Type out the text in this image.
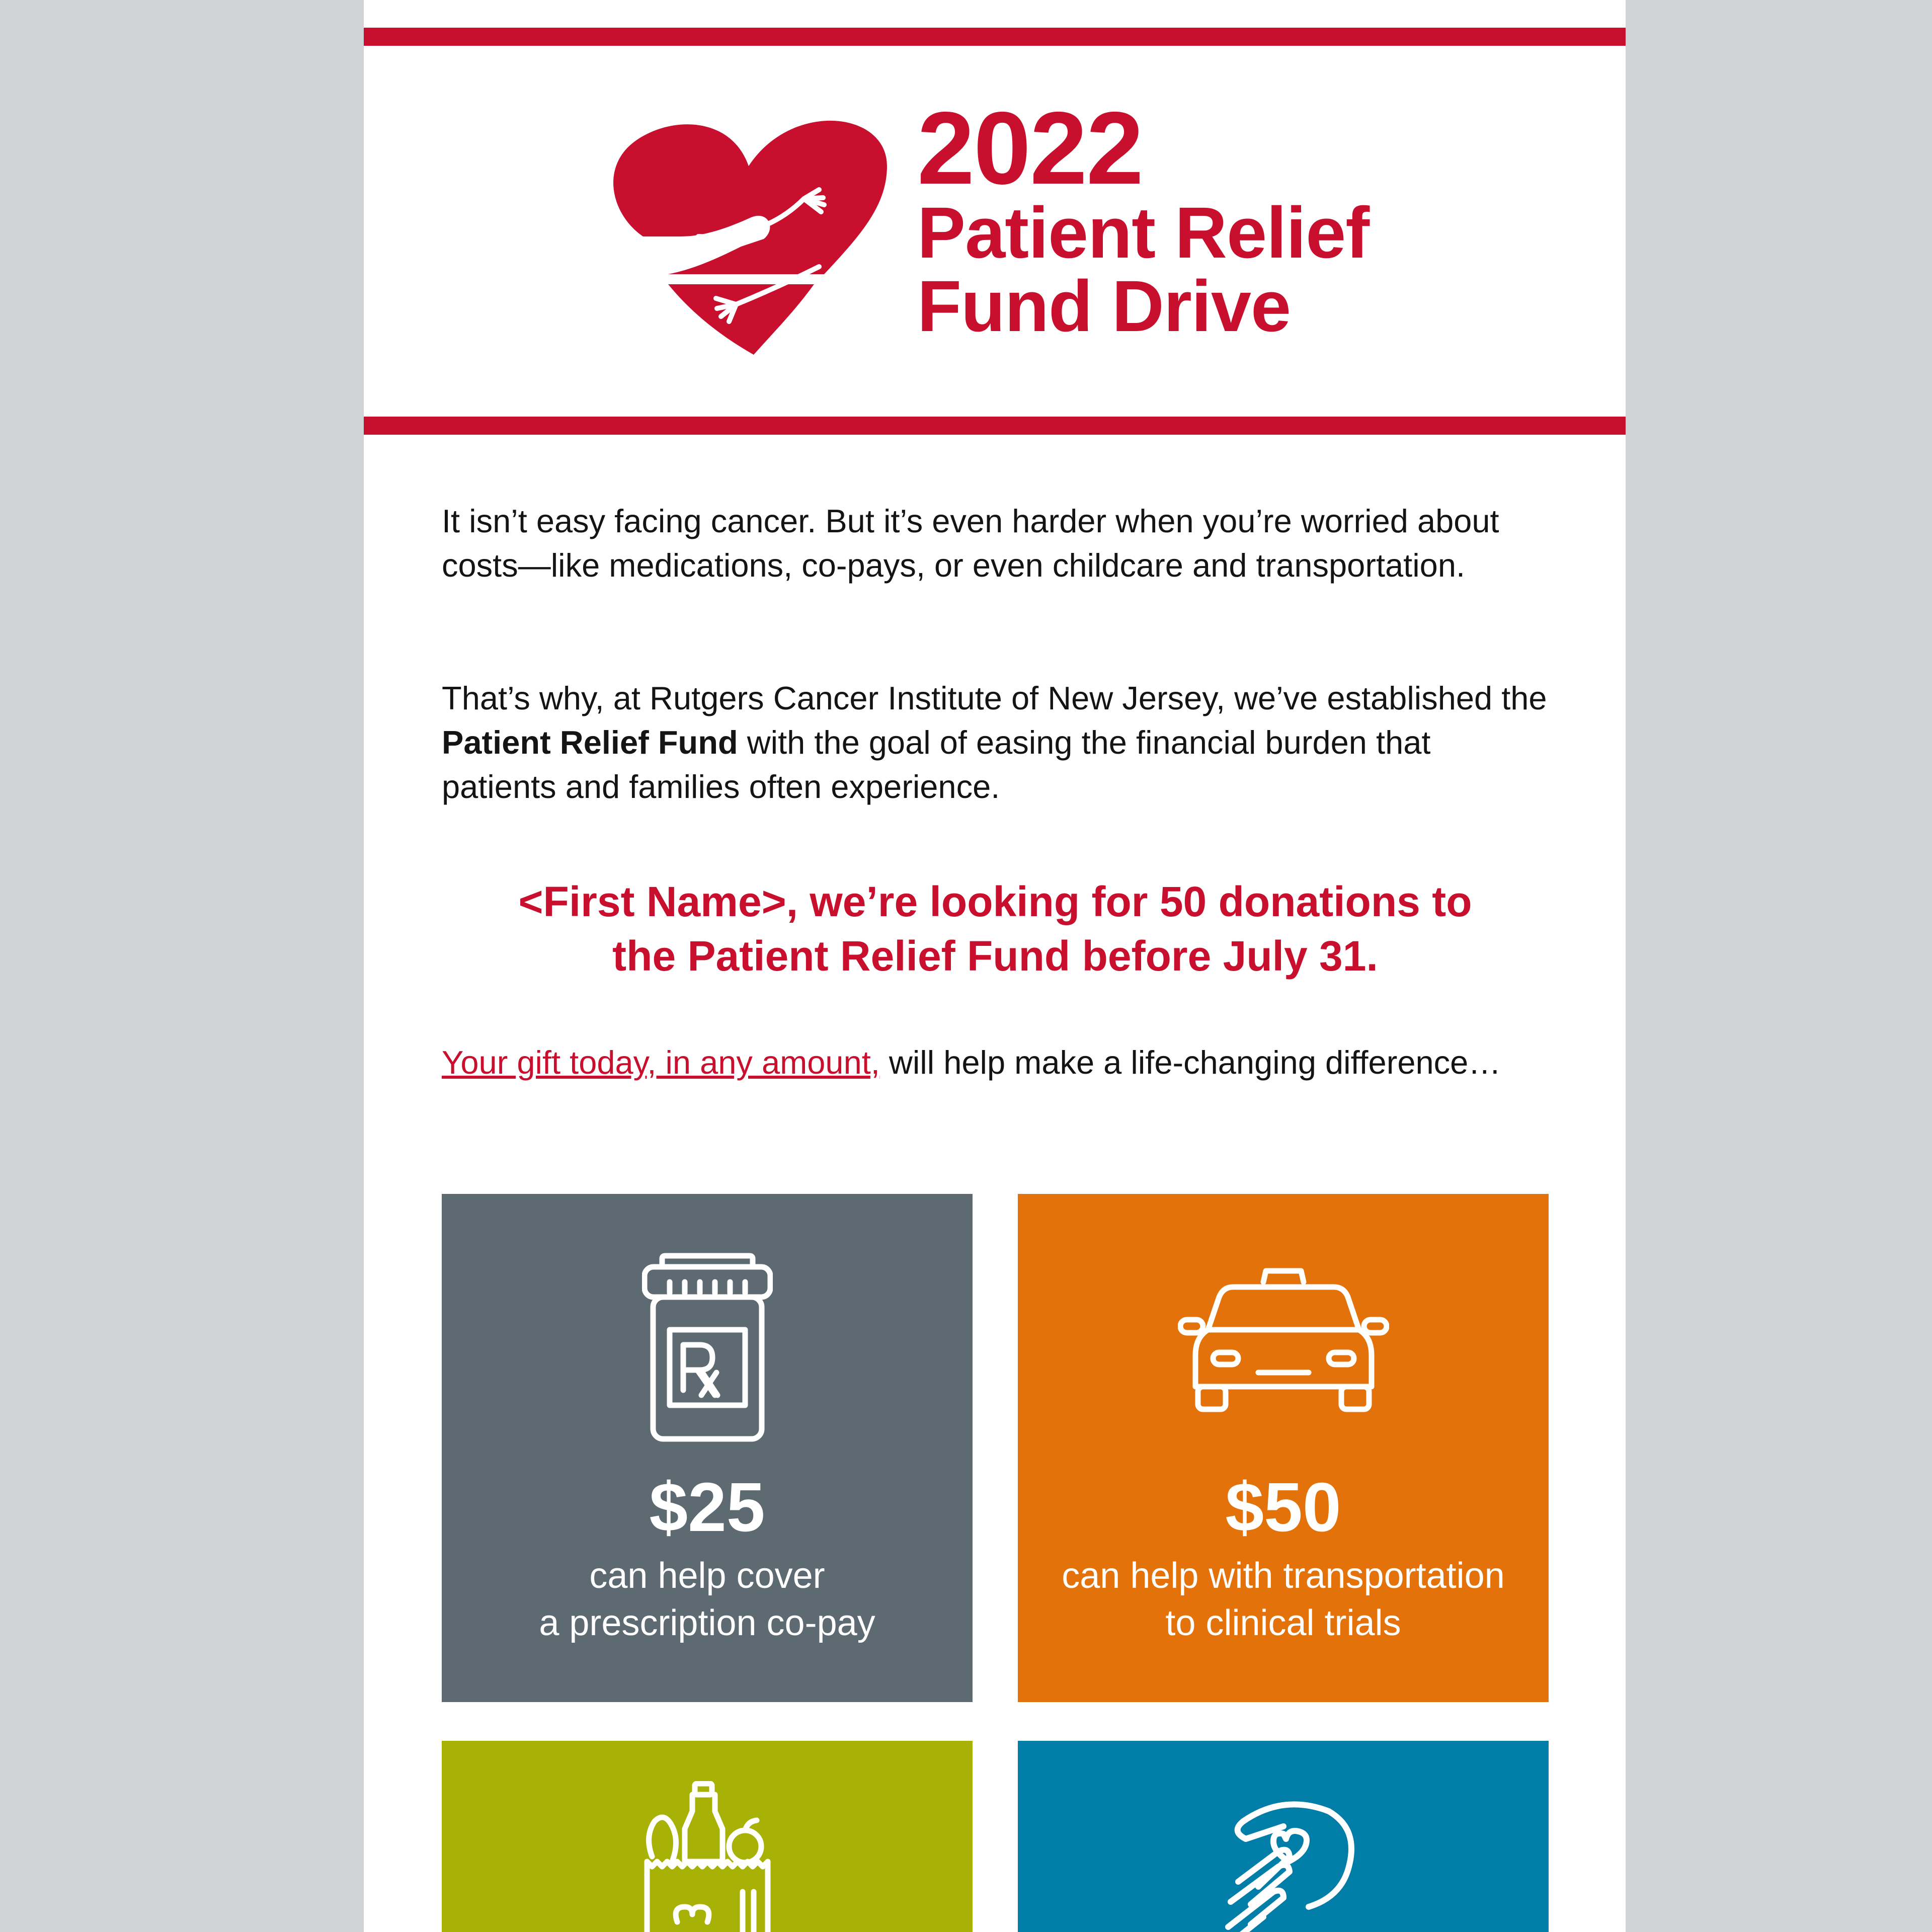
2022
Patient Relief
Fund Drive
It isn’t easy facing cancer. But it’s even harder when you’re worried about costs—like medications, co-pays, or even childcare and transportation.
That’s why, at Rutgers Cancer Institute of New Jersey, we’ve established the Patient Relief Fund with the goal of easing the financial burden that patients and families often experience.
<First Name>, we’re looking for 50 donations to
the Patient Relief Fund before July 31.
Your gift today, in any amount, will help make a life-changing difference…
$25
can help cover
a prescription co-pay
$50
can help with transportation
to clinical trials
